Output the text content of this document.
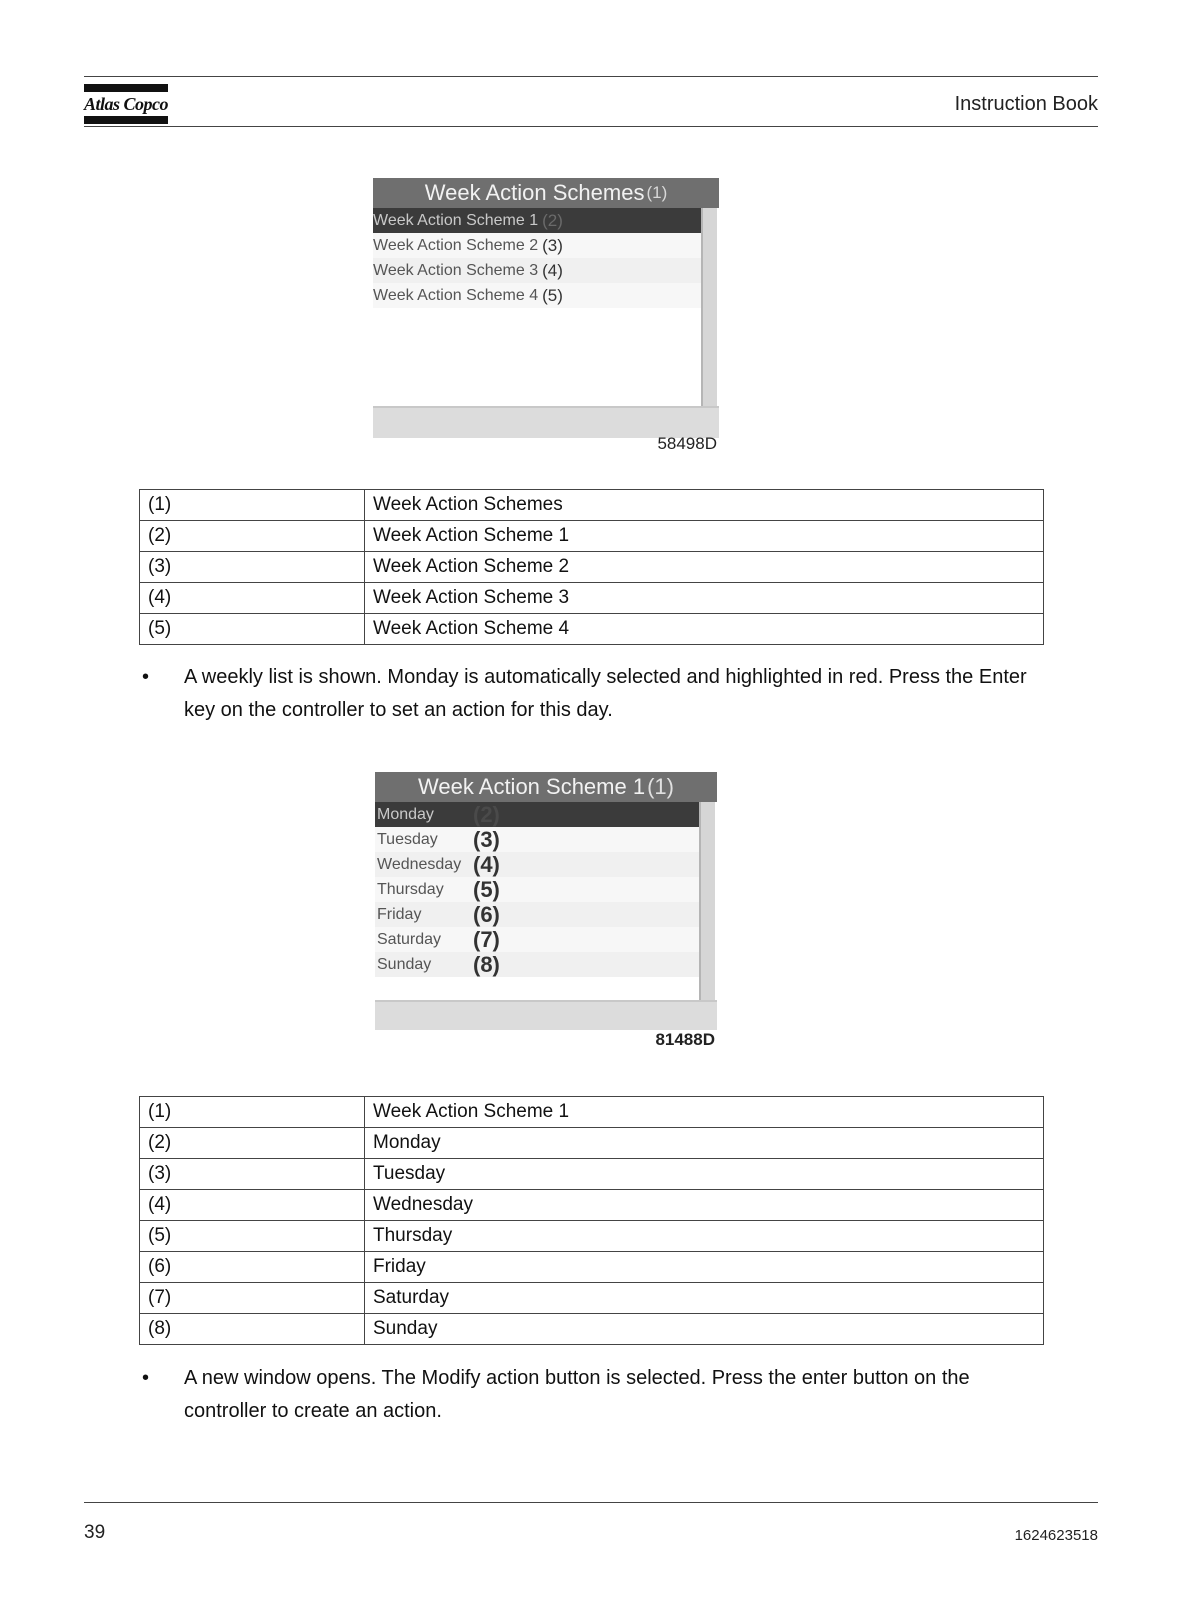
Atlas Copco	Instruction Book
Week Action Schemes (1)
Week Action Scheme 1 (2)
Week Action Scheme 2 (3)
Week Action Scheme 3 (4)
Week Action Scheme 4 (5)
58498D
(1)	Week Action Schemes
(2)	Week Action Scheme 1
(3)	Week Action Scheme 2
(4)	Week Action Scheme 3
(5)	Week Action Scheme 4
• A weekly list is shown. Monday is automatically selected and highlighted in red. Press the Enter key on the controller to set an action for this day.
Week Action Scheme 1 (1)
Monday	(2)
Tuesday	(3)
Wednesday (4)
Thursday	(5)
Friday	(6)
Saturday	(7)
Sunday	(8)
81488D
(1)	Week Action Scheme 1
(2)	Monday
(3)	Tuesday
(4)	Wednesday
(5)	Thursday
(6)	Friday
(7)	Saturday
(8)	Sunday
• A new window opens. The Modify action button is selected. Press the enter button on the controller to create an action.
39	1624623518
